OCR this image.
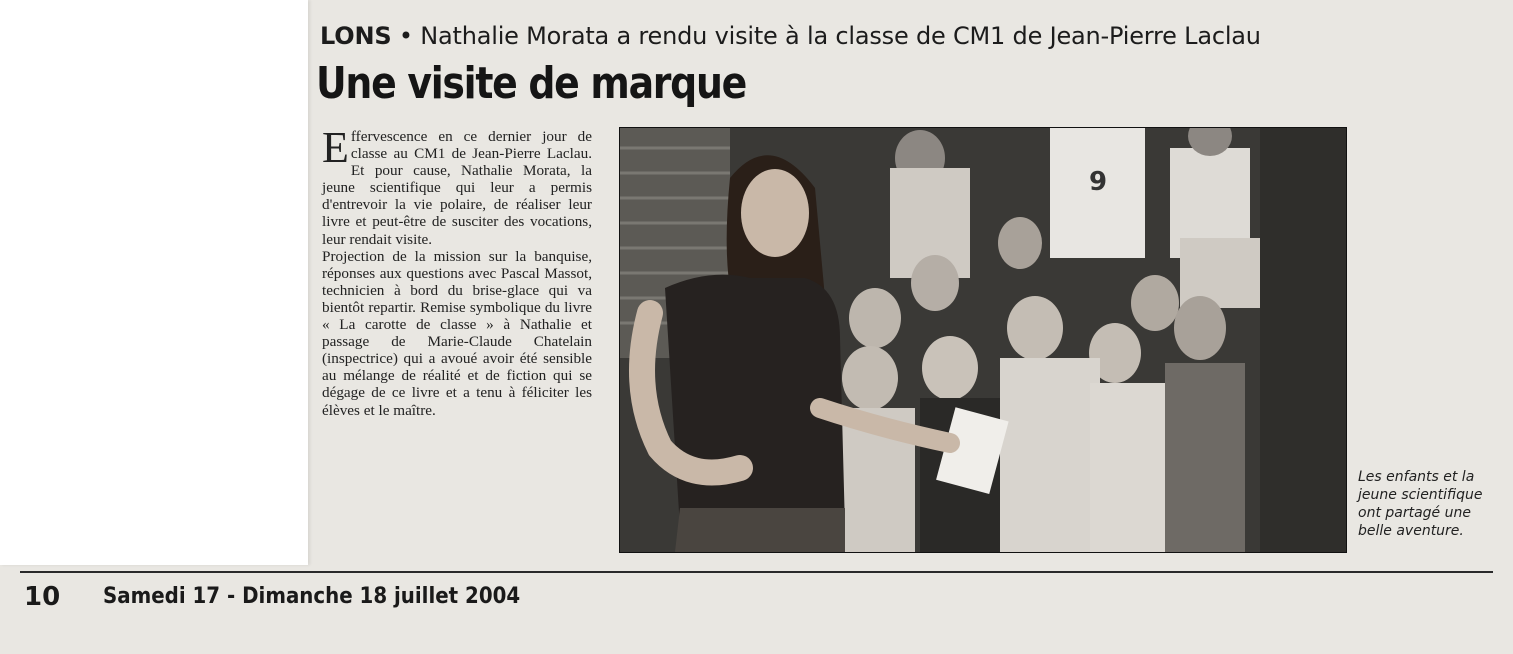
LONS • Nathalie Morata a rendu visite à la classe de CM1 de Jean-Pierre Laclau
Une visite de marque

Effervescence en ce dernier jour de classe au CM1 de Jean-Pierre Laclau. Et pour cause, Nathalie Morata, la jeune scientifique qui leur a permis d'entrevoir la vie polaire, de réaliser leur livre et peut-être de susciter des vocations, leur rendait visite.

Projection de la mission sur la banquise, réponses aux questions avec Pascal Massot, technicien à bord du brise-glace qui va bientôt repartir. Remise symbolique du livre « La carotte de classe » à Nathalie et passage de Marie-Claude Chatelain (inspectrice) qui a avoué avoir été sensible au mélange de réalité et de fiction qui se dégage de ce livre et a tenu à féliciter les élèves et le maître.

9
Les enfants et la jeune scientifique ont partagé une belle aventure.
10 Samedi 17 - Dimanche 18 juillet 2004
